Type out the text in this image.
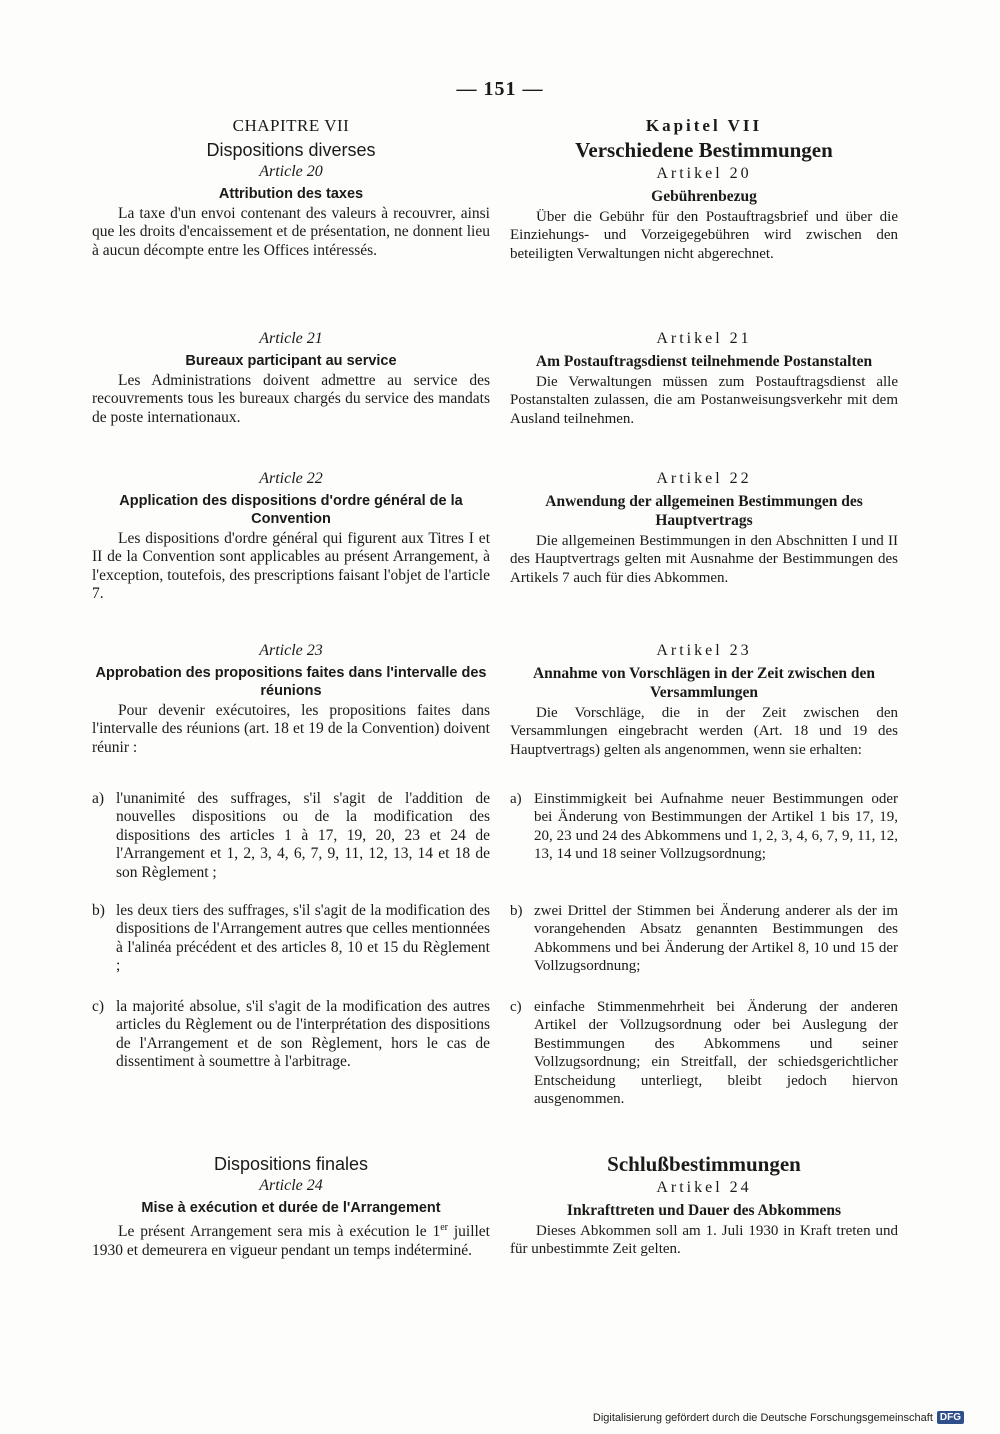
— 151 —

CHAPITRE VII

Dispositions diverses

Article 20

Attribution des taxes

La taxe d'un envoi contenant des valeurs à recouvrer, ainsi que les droits d'encaissement et de présentation, ne donnent lieu à aucun décompte entre les Offices intéressés.

Article 21

Bureaux participant au service

Les Administrations doivent admettre au service des recouvrements tous les bureaux chargés du service des mandats de poste internationaux.

Article 22

Application des dispositions d'ordre général de la Convention

Les dispositions d'ordre général qui figurent aux Titres I et II de la Convention sont applicables au présent Arrangement, à l'exception, toutefois, des prescriptions faisant l'objet de l'article 7.

Article 23

Approbation des propositions faites dans l'intervalle des réunions

Pour devenir exécutoires, les propositions faites dans l'intervalle des réunions (art. 18 et 19 de la Convention) doivent réunir :

a) l'unanimité des suffrages, s'il s'agit de l'addition de nouvelles dispositions ou de la modification des dispositions des articles 1 à 17, 19, 20, 23 et 24 de l'Arrangement et 1, 2, 3, 4, 6, 7, 9, 11, 12, 13, 14 et 18 de son Règlement ;
b) les deux tiers des suffrages, s'il s'agit de la modification des dispositions de l'Arrangement autres que celles mentionnées à l'alinéa précédent et des articles 8, 10 et 15 du Règlement ;
c) la majorité absolue, s'il s'agit de la modification des autres articles du Règlement ou de l'interprétation des dispositions de l'Arrangement et de son Règlement, hors le cas de dissentiment à soumettre à l'arbitrage.

Dispositions finales

Article 24

Mise à exécution et durée de l'Arrangement

Le présent Arrangement sera mis à exécution le 1er juillet 1930 et demeurera en vigueur pendant un temps indéterminé.

Kapitel VII

Verschiedene Bestimmungen

Artikel 20

Gebührenbezug

Über die Gebühr für den Postauftragsbrief und über die Einziehungs- und Vorzeigegebühren wird zwischen den beteiligten Verwaltungen nicht abgerechnet.

Artikel 21

Am Postauftragsdienst teilnehmende Postanstalten

Die Verwaltungen müssen zum Postauftragsdienst alle Postanstalten zulassen, die am Postanweisungsverkehr mit dem Ausland teilnehmen.

Artikel 22

Anwendung der allgemeinen Bestimmungen des Hauptvertrags

Die allgemeinen Bestimmungen in den Abschnitten I und II des Hauptvertrags gelten mit Ausnahme der Bestimmungen des Artikels 7 auch für dies Abkommen.

Artikel 23

Annahme von Vorschlägen in der Zeit zwischen den Versammlungen

Die Vorschläge, die in der Zeit zwischen den Versammlungen eingebracht werden (Art. 18 und 19 des Hauptvertrags) gelten als angenommen, wenn sie erhalten:

a) Einstimmigkeit bei Aufnahme neuer Bestimmungen oder bei Änderung von Bestimmungen der Artikel 1 bis 17, 19, 20, 23 und 24 des Abkommens und 1, 2, 3, 4, 6, 7, 9, 11, 12, 13, 14 und 18 seiner Vollzugsordnung;
b) zwei Drittel der Stimmen bei Änderung anderer als der im vorangehenden Absatz genannten Bestimmungen des Abkommens und bei Änderung der Artikel 8, 10 und 15 der Vollzugsordnung;
c) einfache Stimmenmehrheit bei Änderung der anderen Artikel der Vollzugsordnung oder bei Auslegung der Bestimmungen des Abkommens und seiner Vollzugsordnung; ein Streitfall, der schiedsgerichtlicher Entscheidung unterliegt, bleibt jedoch hiervon ausgenommen.

Schlußbestimmungen

Artikel 24

Inkrafttreten und Dauer des Abkommens

Dieses Abkommen soll am 1. Juli 1930 in Kraft treten und für unbestimmte Zeit gelten.

Digitalisierung gefördert durch die Deutsche Forschungsgemeinschaft DFG
